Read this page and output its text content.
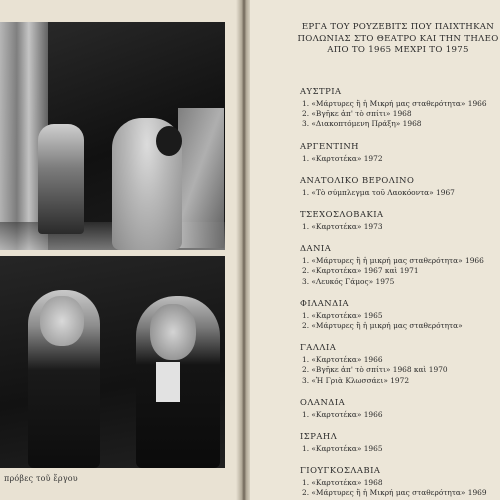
πρόβες τοῦ ἔργου
ΕΡΓΑ ΤΟΥ ΡΟΥΖΕΒΙΤΣ ΠΟΥ ΠΑΙΧΤΗΚΑΝ
ΠΟΛΩΝΙΑΣ ΣΤΟ ΘΕΑΤΡΟ ΚΑΙ ΤΗΝ ΤΗΛΕΟ
ΑΠΟ ΤΟ 1965 ΜΕΧΡΙ ΤΟ 1975
ΑΥΣΤΡΙΑ
1. «Μάρτυρες ἢ ἡ Μικρή μας σταθερότητα» 1966
2. «Βγῆκε ἀπ' τὸ σπίτι» 1968
3. «Διακοπτόμενη Πράξη» 1968
ΑΡΓΕΝΤΙΝΗ
1. «Καρτοτέκα» 1972
ΑΝΑΤΟΛΙΚΟ ΒΕΡΟΛΙΝΟ
1. «Τὸ σύμπλεγμα τοῦ Λαοκόοντα» 1967
ΤΣΕΧΟΣΛΟΒΑΚΙΑ
1. «Καρτοτέκα» 1973
ΔΑΝΙΑ
1. «Μάρτυρες ἢ ἡ μικρή μας σταθερότητα» 1966
2. «Καρτοτέκα» 1967 καὶ 1971
3. «Λευκός Γάμος» 1975
ΦΙΛΑΝΔΙΑ
1. «Καρτοτέκα» 1965
2. «Μάρτυρες ἢ ἡ μικρή μας σταθερότητα»
ΓΑΛΛΙΑ
1. «Καρτοτέκα» 1966
2. «Βγῆκε ἀπ' τὸ σπίτι» 1968 καὶ 1970
3. «Ἡ Γριὰ Κλωσσάει» 1972
ΟΛΑΝΔΙΑ
1. «Καρτοτέκα» 1966
ΙΣΡΑΗΛ
1. «Καρτοτέκα» 1965
ΓΙΟΥΓΚΟΣΛΑΒΙΑ
1. «Καρτοτέκα» 1968
2. «Μάρτυρες ἢ ἡ Μικρή μας σταθερότητα» 1969
